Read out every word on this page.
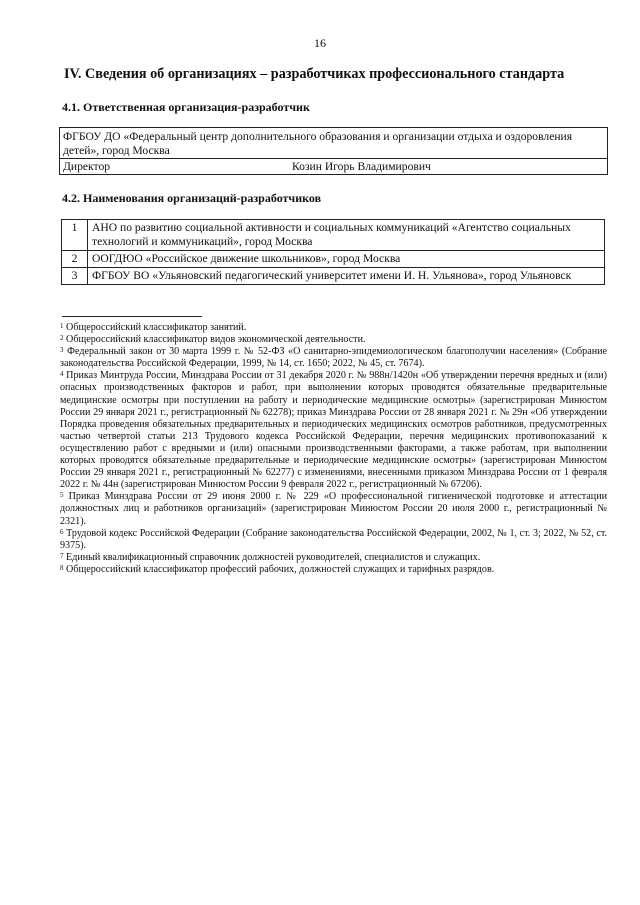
16
IV. Сведения об организациях – разработчиках профессионального стандарта
4.1. Ответственная организация-разработчик
ФГБОУ ДО «Федеральный центр дополнительного образования и организации отдыха и оздоровления детей», город Москва
Директор	Козин Игорь Владимирович
4.2. Наименования организаций-разработчиков
1	АНО по развитию социальной активности и социальных коммуникаций «Агентство социальных технологий и коммуникаций», город Москва
2	ООГДЮО «Российское движение школьников», город Москва
3	ФГБОУ ВО «Ульяновский педагогический университет имени И. Н. Ульянова», город Ульяновск

$^1$ Общероссийский классификатор занятий.

$^2$ Общероссийский классификатор видов экономической деятельности.

$^3$ Федеральный закон от 30 марта 1999 г. № 52-ФЗ «О санитарно-эпидемиологическом благополучии населения» (Собрание законодательства Российской Федерации, 1999, № 14, ст. 1650; 2022, № 45, ст. 7674).

$^4$ Приказ Минтруда России, Минздрава России от 31 декабря 2020 г. № 988н/1420н «Об утверждении перечня вредных и (или) опасных производственных факторов и работ, при выполнении которых проводятся обязательные предварительные медицинские осмотры при поступлении на работу и периодические медицинские осмотры» (зарегистрирован Минюстом России 29 января 2021 г., регистрационный № 62278); приказ Минздрава России от 28 января 2021 г. № 29н «Об утверждении Порядка проведения обязательных предварительных и периодических медицинских осмотров работников, предусмотренных частью четвертой статьи 213 Трудового кодекса Российской Федерации, перечня медицинских противопоказаний к осуществлению работ с вредными и (или) опасными производственными факторами, а также работам, при выполнении которых проводятся обязательные предварительные и периодические медицинские осмотры» (зарегистрирован Минюстом России 29 января 2021 г., регистрационный № 62277) с изменениями, внесенными приказом Минздрава России от 1 февраля 2022 г. № 44н (зарегистрирован Минюстом России 9 февраля 2022 г., регистрационный № 67206).

$^5$ Приказ Минздрава России от 29 июня 2000 г. № 229 «О профессиональной гигиенической подготовке и аттестации должностных лиц и работников организаций» (зарегистрирован Минюстом России 20 июля 2000 г., регистрационный № 2321).

$^6$ Трудовой кодекс Российской Федерации (Собрание законодательства Российской Федерации, 2002, № 1, ст. 3; 2022, № 52, ст. 9375).

$^7$ Единый квалификационный справочник должностей руководителей, специалистов и служащих.

$^8$ Общероссийский классификатор профессий рабочих, должностей служащих и тарифных разрядов.
